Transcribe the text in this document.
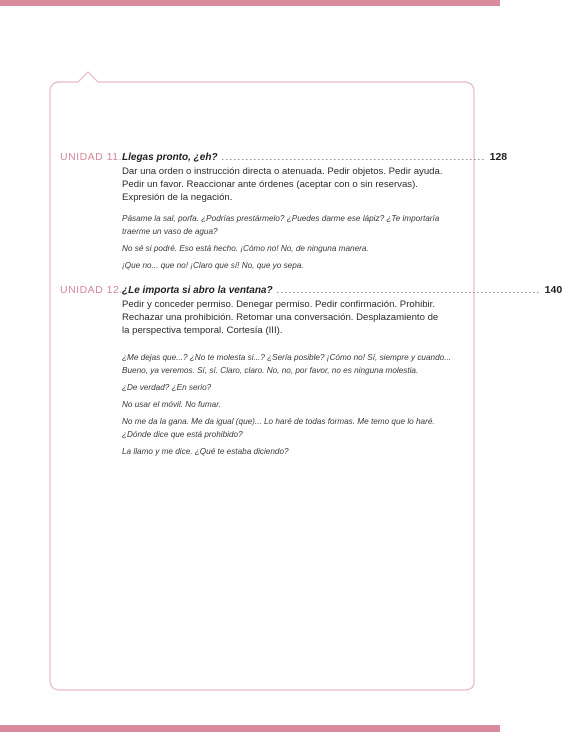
UNIDAD 11. Llegas pronto, ¿eh? .................................................................. 128
Dar una orden o instrucción directa o atenuada. Pedir objetos. Pedir ayuda. Pedir un favor. Reaccionar ante órdenes (aceptar con o sin reservas). Expresión de la negación.

Pásame la sal, porfa. ¿Podrías prestármelo? ¿Puedes darme ese lápiz? ¿Te importaría traerme un vaso de agua?

No sé si podré. Eso está hecho. ¡Cómo no! No, de ninguna manera.

¡Que no... que no! ¡Claro que sí! No, que yo sepa.

UNIDAD 12. ¿Le importa si abro la ventana? .................................................................. 140
Pedir y conceder permiso. Denegar permiso. Pedir confirmación. Prohibir. Rechazar una prohibición. Retomar una conversación. Desplazamiento de la perspectiva temporal. Cortesía (III).

¿Me dejas que...? ¿No te molesta si...? ¿Sería posible? ¡Cómo no! Sí, siempre y cuando... Bueno, ya veremos. Sí, sí. Claro, claro. No, no, por favor, no es ninguna molestia.

¿De verdad? ¿En serio?

No usar el móvil. No fumar.

No me da la gana. Me da igual (que)... Lo haré de todas formas. Me temo que lo haré. ¿Dónde dice que está prohibido?

La llamo y me dice. ¿Qué te estaba diciendo?
